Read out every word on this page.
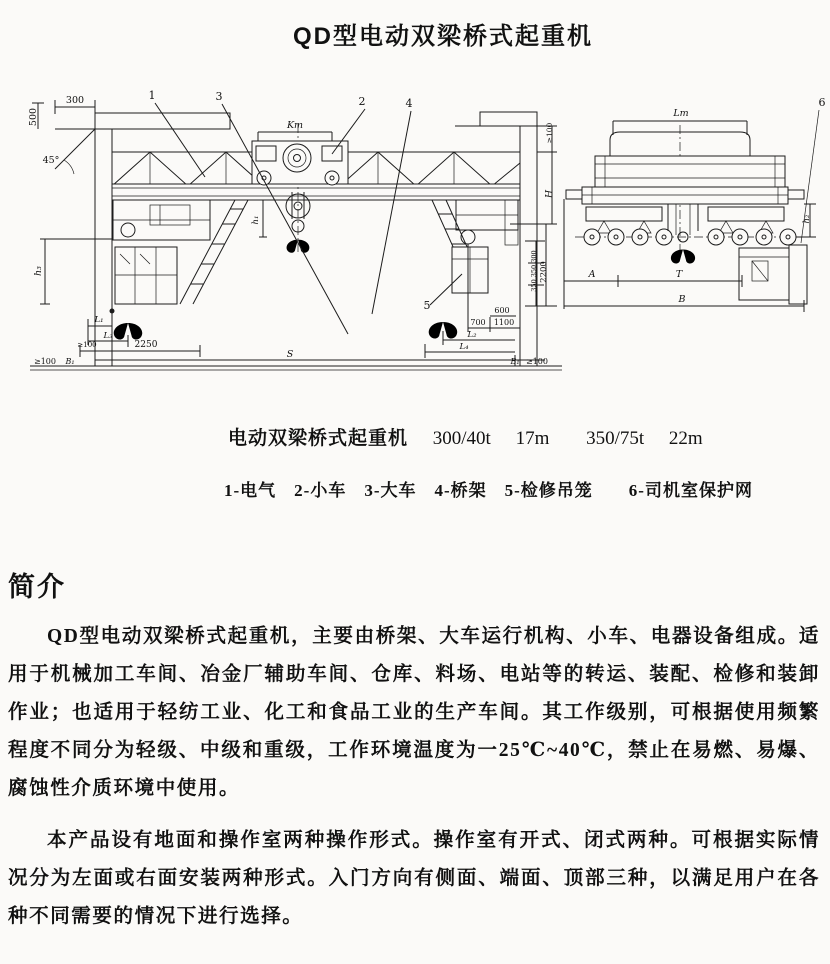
QD型电动双梁桥式起重机
500
300
45°
1	3
Kт
2	4
h₁
h₃
5
L₁
L₃
≥100	2250
S
B₁
≥100
700 1100
600
L₂
L₄
B₁ ≥100
≥100
H
350 350 300 2200
Lт
6
h₂
A	T
B
电动双梁桥式起重机 300/40t 17m 350/75t 22m
1-电气　2-小车　3-大车　4-桥架　5-检修吊笼　　6-司机室保护网
简介

QD型电动双梁桥式起重机，主要由桥架、大车运行机构、小车、电器设备组成。适用于机械加工车间、冶金厂辅助车间、仓库、料场、电站等的转运、装配、检修和装卸作业；也适用于轻纺工业、化工和食品工业的生产车间。其工作级别，可根据使用频繁程度不同分为轻级、中级和重级，工作环境温度为一25℃~40℃，禁止在易燃、易爆、腐蚀性介质环境中使用。

本产品设有地面和操作室两种操作形式。操作室有开式、闭式两种。可根据实际情况分为左面或右面安装两种形式。入门方向有侧面、端面、顶部三种，以满足用户在各种不同需要的情况下进行选择。
